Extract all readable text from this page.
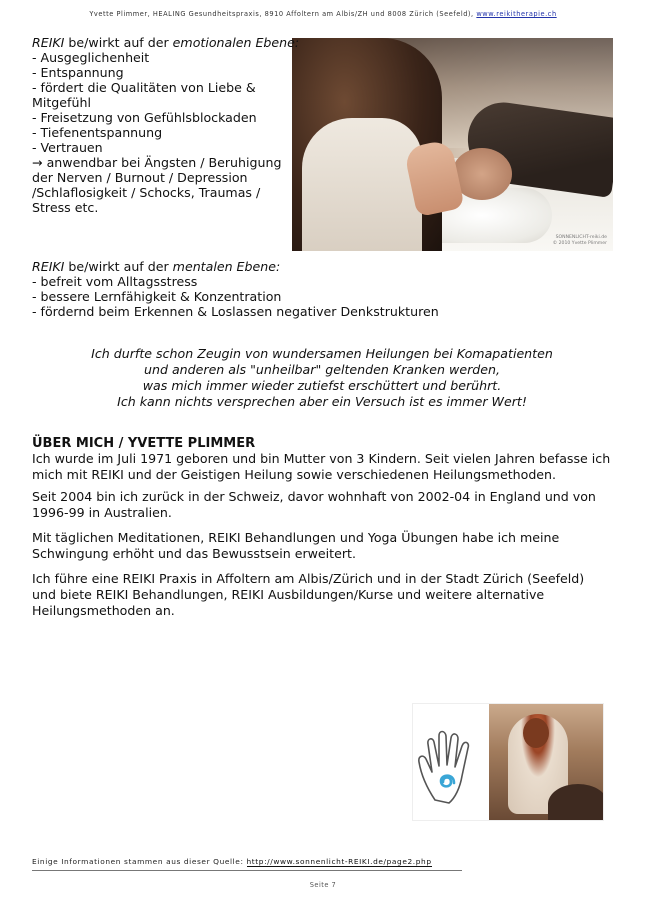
Yvette Plimmer, HEALING Gesundheitspraxis, 8910 Affoltern am Albis/ZH und 8008 Zürich (Seefeld), www.reikitherapie.ch
SONNENLICHT-reiki.de
© 2010 Yvette Plimmer
REIKI be/wirkt auf der emotionalen Ebene:
- Ausgeglichenheit
- Entspannung
- fördert die Qualitäten von Liebe & Mitgefühl
- Freisetzung von Gefühlsblockaden
- Tiefenentspannung
- Vertrauen
→ anwendbar bei Ängsten / Beruhigung der Nerven / Burnout / Depression /Schlaflosigkeit / Schocks, Traumas / Stress etc.
REIKI be/wirkt auf der mentalen Ebene:
- befreit vom Alltagsstress
- bessere Lernfähigkeit & Konzentration
- fördernd beim Erkennen & Loslassen negativer Denkstrukturen
Ich durfte schon Zeugin von wundersamen Heilungen bei Komapatienten
und anderen als "unheilbar" geltenden Kranken werden,
was mich immer wieder zutiefst erschüttert und berührt.
Ich kann nichts versprechen aber ein Versuch ist es immer Wert!
ÜBER MICH / YVETTE PLIMMER
Ich wurde im Juli 1971 geboren und bin Mutter von 3 Kindern. Seit vielen Jahren befasse ich
mich mit REIKI und der Geistigen Heilung sowie verschiedenen Heilungsmethoden.
Seit 2004 bin ich zurück in der Schweiz, davor wohnhaft von 2002-04 in England und von
1996-99 in Australien.
Mit täglichen Meditationen, REIKI Behandlungen und Yoga Übungen habe ich meine
Schwingung erhöht und das Bewusstsein erweitert.
Ich führe eine REIKI Praxis in Affoltern am Albis/Zürich und in der Stadt Zürich (Seefeld)
und biete REIKI Behandlungen, REIKI Ausbildungen/Kurse und weitere alternative
Heilungsmethoden an.
Einige Informationen stammen aus dieser Quelle: http://www.sonnenlicht-REIKI.de/page2.php
Seite 7
